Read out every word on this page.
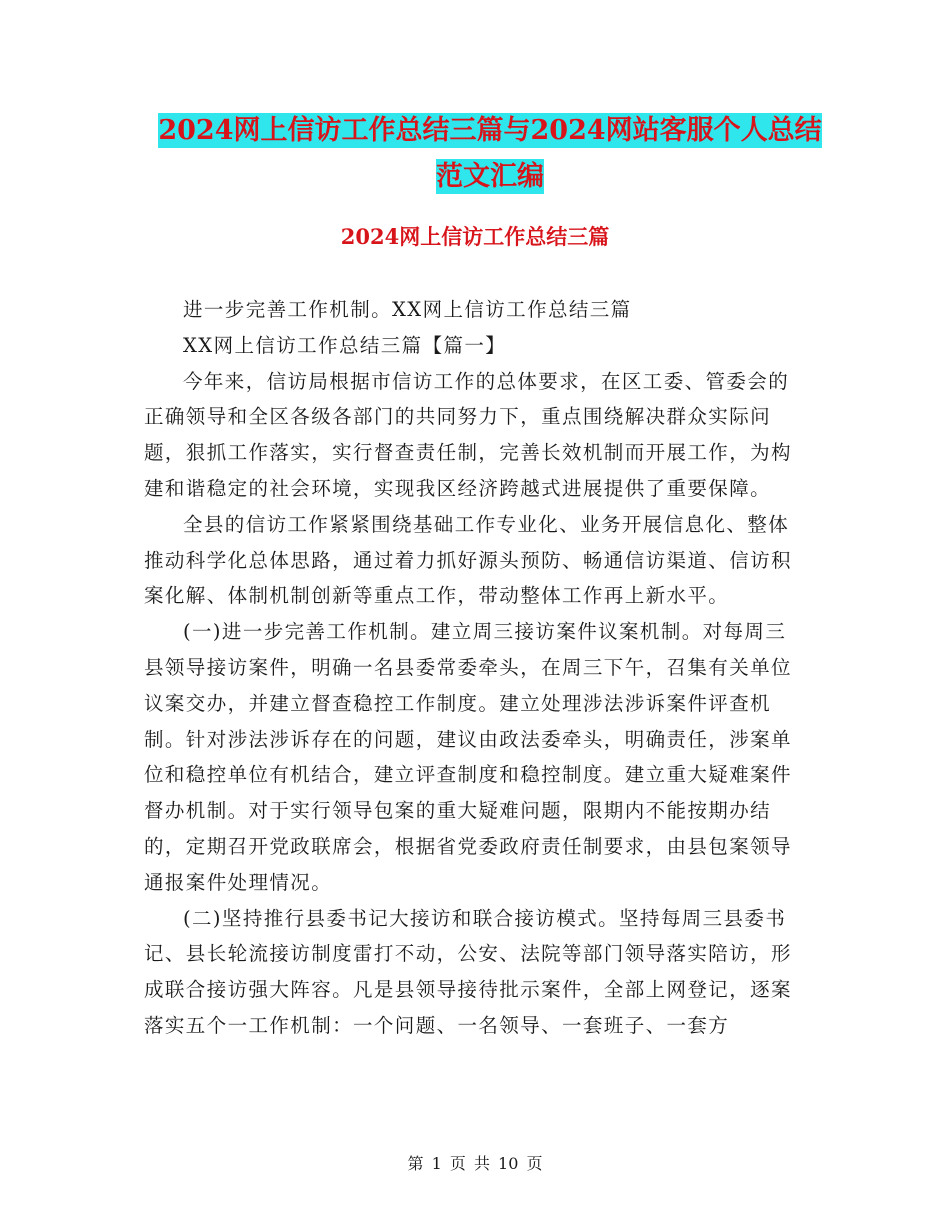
2024网上信访工作总结三篇与2024网站客服个人总结
范文汇编
2024网上信访工作总结三篇

进一步完善工作机制。XX网上信访工作总结三篇

XX网上信访工作总结三篇【篇一】

今年来，信访局根据市信访工作的总体要求，在区工委、管委会的正确领导和全区各级各部门的共同努力下，重点围绕解决群众实际问题，狠抓工作落实，实行督查责任制，完善长效机制而开展工作，为构建和谐稳定的社会环境，实现我区经济跨越式进展提供了重要保障。

全县的信访工作紧紧围绕基础工作专业化、业务开展信息化、整体推动科学化总体思路，通过着力抓好源头预防、畅通信访渠道、信访积案化解、体制机制创新等重点工作，带动整体工作再上新水平。

(一)进一步完善工作机制。建立周三接访案件议案机制。对每周三县领导接访案件，明确一名县委常委牵头，在周三下午，召集有关单位议案交办，并建立督查稳控工作制度。建立处理涉法涉诉案件评查机制。针对涉法涉诉存在的问题，建议由政法委牵头，明确责任，涉案单位和稳控单位有机结合，建立评查制度和稳控制度。建立重大疑难案件督办机制。对于实行领导包案的重大疑难问题，限期内不能按期办结的，定期召开党政联席会，根据省党委政府责任制要求，由县包案领导通报案件处理情况。

(二)坚持推行县委书记大接访和联合接访模式。坚持每周三县委书记、县长轮流接访制度雷打不动，公安、法院等部门领导落实陪访，形成联合接访强大阵容。凡是县领导接待批示案件，全部上网登记，逐案落实五个一工作机制：一个问题、一名领导、一套班子、一套方

第 1 页 共 10 页
